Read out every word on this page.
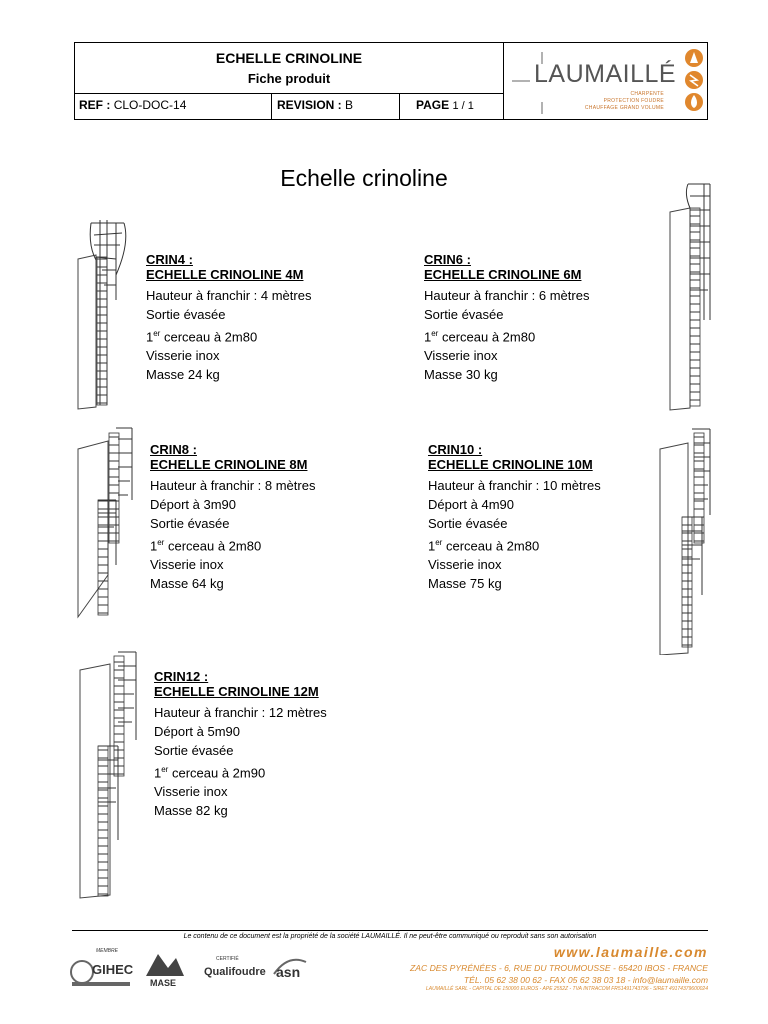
ECHELLE CRINOLINE
Fiche produit
REF : CLO-DOC-14	REVISION : B	PAGE 1 / 1
LAUMAILLÉ
CHARPENTE
PROTECTION FOUDRE
CHAUFFAGE GRAND VOLUME
Echelle crinoline
CRIN4 :
ECHELLE CRINOLINE 4M
Hauteur à franchir : 4 mètres
Sortie évasée
1er cerceau à 2m80
Visserie inox
Masse 24 kg
CRIN6 :
ECHELLE CRINOLINE 6M
Hauteur à franchir : 6 mètres
Sortie évasée
1er cerceau à 2m80
Visserie inox
Masse 30 kg
CRIN8 :
ECHELLE CRINOLINE 8M
Hauteur à franchir : 8 mètres
Déport à 3m90
Sortie évasée
1er cerceau à 2m80
Visserie inox
Masse 64 kg
CRIN10 :
ECHELLE CRINOLINE 10M
Hauteur à franchir : 10 mètres
Déport à 4m90
Sortie évasée
1er cerceau à 2m80
Visserie inox
Masse 75 kg
CRIN12 :
ECHELLE CRINOLINE 12M
Hauteur à franchir : 12 mètres
Déport à 5m90
Sortie évasée
1er cerceau à 2m90
Visserie inox
Masse 82 kg
Le contenu de ce document est la propriété de la société LAUMAILLÉ. Il ne peut-être communiqué ou reproduit sans son autorisation
MEMBRE
GIHEC
MASE
CERTIFIÉ
Qualifoudre asn
www.laumaille.com
ZAC DES PYRÉNÉES - 6, RUE DU TROUMOUSSE - 65420 IBOS - FRANCE
TÉL. 05 62 38 00 62 - FAX 05 62 38 03 18 - info@laumaille.com
LAUMAILLÉ SARL - CAPITAL DE 150000 EUROS - APE 2552Z - TVA INTRACOM FR51491743796 - SIRET 49174379600024
